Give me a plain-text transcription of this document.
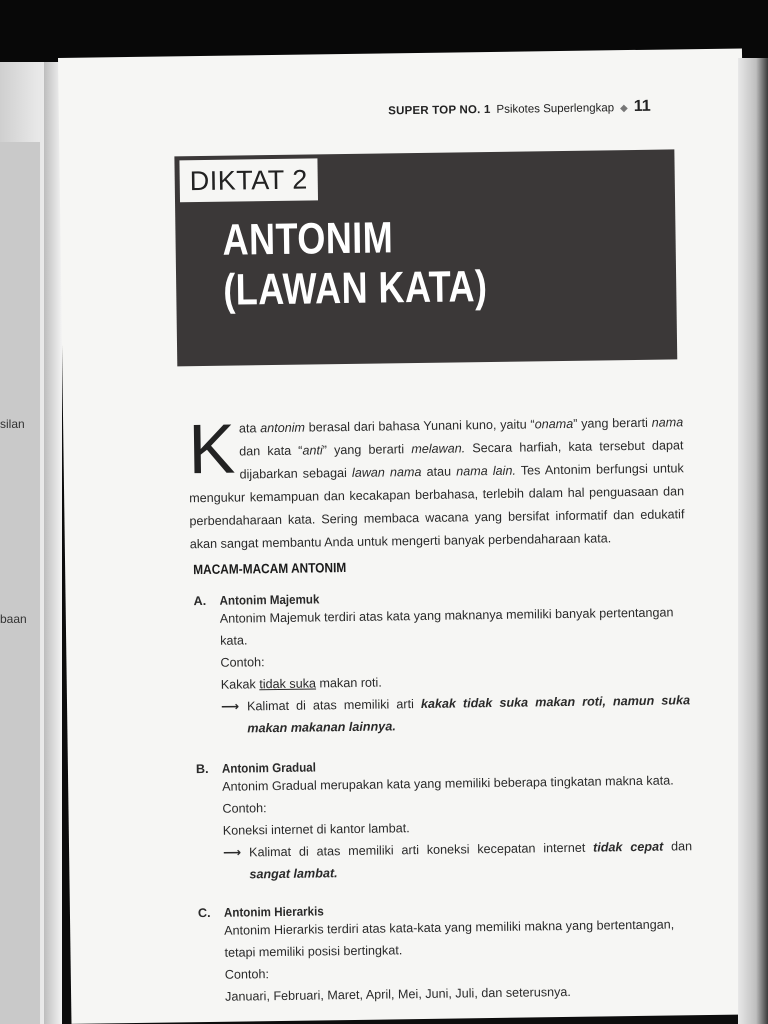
silan
baan
SUPER TOP NO. 1 Psikotes Superlengkap ◆ 11
DIKTAT 2
ANTONIM
(LAWAN KATA)
Kata antonim berasal dari bahasa Yunani kuno, yaitu “onama” yang berarti nama dan kata “anti” yang berarti melawan. Secara harfiah, kata tersebut dapat dijabarkan sebagai lawan nama atau nama lain. Tes Antonim berfungsi untuk mengukur kemampuan dan kecakapan berbahasa, terlebih dalam hal penguasaan dan perbendaharaan kata. Sering membaca wacana yang bersifat informatif dan edukatif akan sangat membantu Anda untuk mengerti banyak perbendaharaan kata.
MACAM-MACAM ANTONIM
A. Antonim Majemuk

Antonim Majemuk terdiri atas kata yang maknanya memiliki banyak pertentangan kata.

Contoh:

Kakak tidak suka makan roti.

⟶ Kalimat di atas memiliki arti kakak tidak suka makan roti, namun suka makan makanan lainnya.
B. Antonim Gradual

Antonim Gradual merupakan kata yang memiliki beberapa tingkatan makna kata.

Contoh:

Koneksi internet di kantor lambat.

⟶ Kalimat di atas memiliki arti koneksi kecepatan internet tidak cepat dan sangat lambat.
C. Antonim Hierarkis

Antonim Hierarkis terdiri atas kata-kata yang memiliki makna yang bertentangan, tetapi memiliki posisi bertingkat.

Contoh:

Januari, Februari, Maret, April, Mei, Juni, Juli, dan seterusnya.
